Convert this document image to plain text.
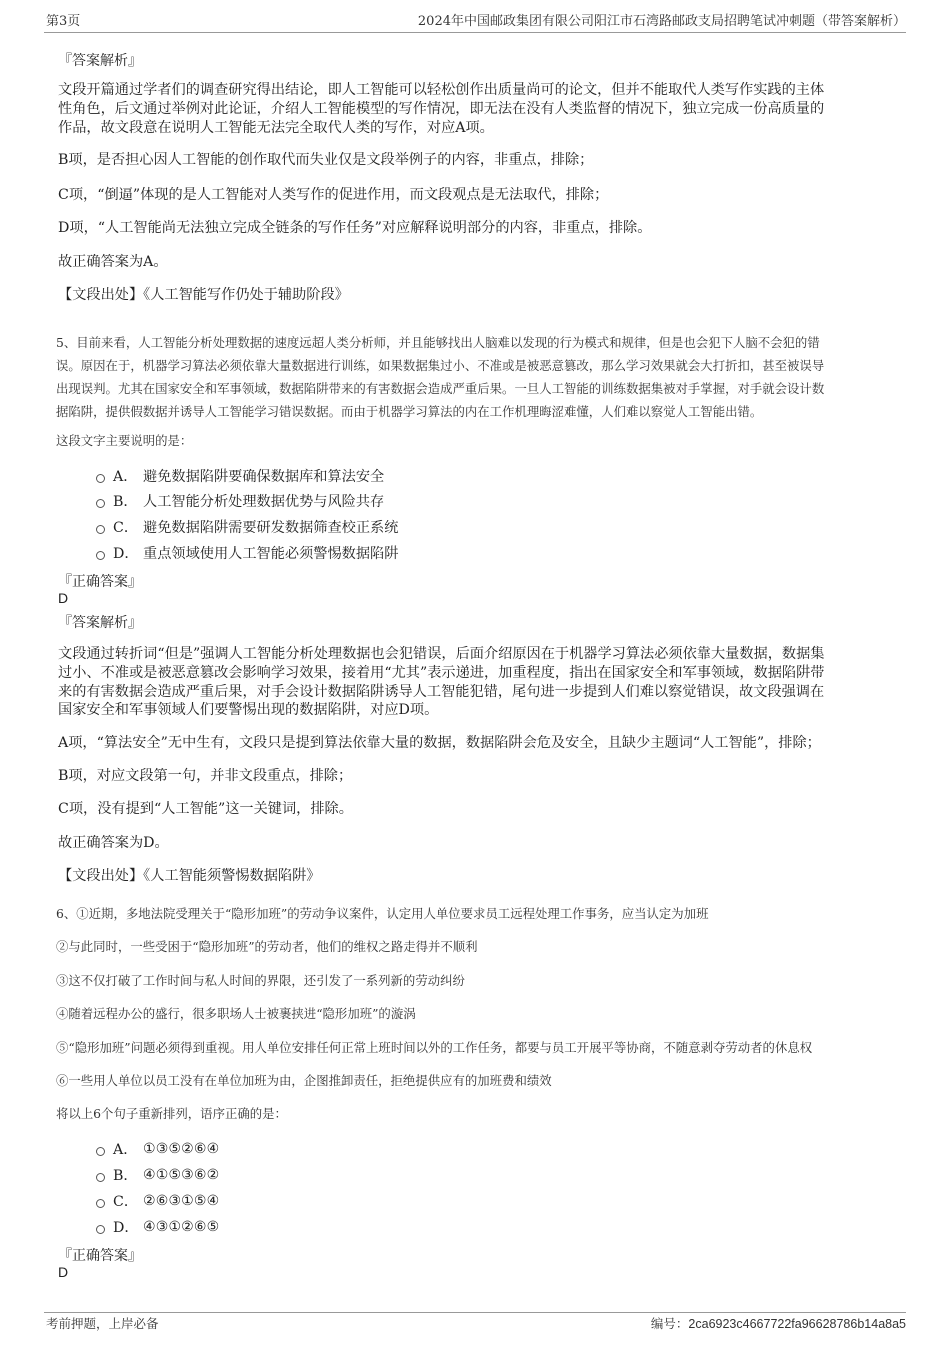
第3页	2024年中国邮政集团有限公司阳江市石湾路邮政支局招聘笔试冲刺题（带答案解析）
『答案解析』
文段开篇通过学者们的调查研究得出结论，即人工智能可以轻松创作出质量尚可的论文，但并不能取代人类写作实践的主体
性角色，后文通过举例对此论证，介绍人工智能模型的写作情况，即无法在没有人类监督的情况下，独立完成一份高质量的
作品，故文段意在说明人工智能无法完全取代人类的写作，对应A项。
B项，是否担心因人工智能的创作取代而失业仅是文段举例子的内容，非重点，排除；
C项，“倒逼”体现的是人工智能对人类写作的促进作用，而文段观点是无法取代，排除；
D项，“人工智能尚无法独立完成全链条的写作任务”对应解释说明部分的内容，非重点，排除。
故正确答案为A。
【文段出处】《人工智能写作仍处于辅助阶段》
5、目前来看，人工智能分析处理数据的速度远超人类分析师，并且能够找出人脑难以发现的行为模式和规律，但是也会犯下人脑不会犯的错
误。原因在于，机器学习算法必须依靠大量数据进行训练，如果数据集过小、不准或是被恶意篡改，那么学习效果就会大打折扣，甚至被误导
出现误判。尤其在国家安全和军事领域，数据陷阱带来的有害数据会造成严重后果。一旦人工智能的训练数据集被对手掌握，对手就会设计数
据陷阱，提供假数据并诱导人工智能学习错误数据。而由于机器学习算法的内在工作机理晦涩难懂，人们难以察觉人工智能出错。
这段文字主要说明的是：
A． 避免数据陷阱要确保数据库和算法安全
B． 人工智能分析处理数据优势与风险共存
C． 避免数据陷阱需要研发数据筛查校正系统
D． 重点领域使用人工智能必须警惕数据陷阱
『正确答案』
D
『答案解析』
文段通过转折词“但是”强调人工智能分析处理数据也会犯错误，后面介绍原因在于机器学习算法必须依靠大量数据，数据集
过小、不准或是被恶意篡改会影响学习效果，接着用“尤其”表示递进，加重程度，指出在国家安全和军事领域，数据陷阱带
来的有害数据会造成严重后果，对手会设计数据陷阱诱导人工智能犯错，尾句进一步提到人们难以察觉错误，故文段强调在
国家安全和军事领域人们要警惕出现的数据陷阱，对应D项。
A项，“算法安全”无中生有，文段只是提到算法依靠大量的数据，数据陷阱会危及安全，且缺少主题词“人工智能”，排除；
B项，对应文段第一句，并非文段重点，排除；
C项，没有提到“人工智能”这一关键词，排除。
故正确答案为D。
【文段出处】《人工智能须警惕数据陷阱》
6、①近期，多地法院受理关于“隐形加班”的劳动争议案件，认定用人单位要求员工远程处理工作事务，应当认定为加班
②与此同时，一些受困于“隐形加班”的劳动者，他们的维权之路走得并不顺利
③这不仅打破了工作时间与私人时间的界限，还引发了一系列新的劳动纠纷
④随着远程办公的盛行，很多职场人士被裹挟进“隐形加班”的漩涡
⑤“隐形加班”问题必须得到重视。用人单位安排任何正常上班时间以外的工作任务，都要与员工开展平等协商，不随意剥夺劳动者的休息权
⑥一些用人单位以员工没有在单位加班为由，企图推卸责任，拒绝提供应有的加班费和绩效
将以上6个句子重新排列，语序正确的是：
A． ①③⑤②⑥④
B． ④①⑤③⑥②
C． ②⑥③①⑤④
D． ④③①②⑥⑤
『正确答案』
D
考前押题，上岸必备	编号：2ca6923c4667722fa96628786b14a8a5
